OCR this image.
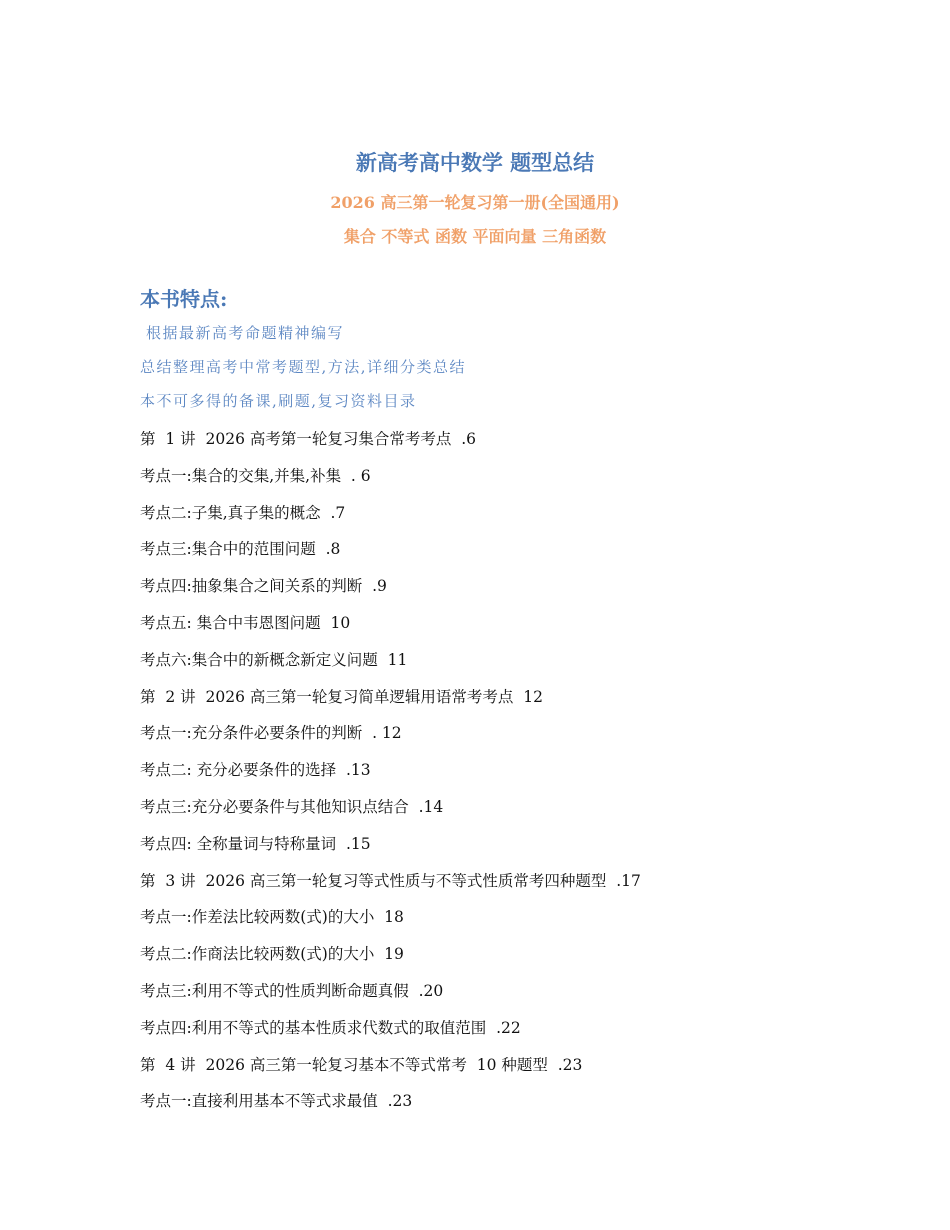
新高考高中数学 题型总结

2026 高三第一轮复习第一册(全国通用)

集合 不等式 函数 平面向量 三角函数

本书特点:
根据最新高考命题精神编写
总结整理高考中常考题型,方法,详细分类总结
本不可多得的备课,刷题,复习资料目录
第  1 讲  2026 高考第一轮复习集合常考考点  .6
考点一:集合的交集,并集,补集  . 6
考点二:子集,真子集的概念  .7
考点三:集合中的范围问题  .8
考点四:抽象集合之间关系的判断  .9
考点五: 集合中韦恩图问题  10
考点六:集合中的新概念新定义问题  11
第  2 讲  2026 高三第一轮复习简单逻辑用语常考考点  12
考点一:充分条件必要条件的判断  . 12
考点二: 充分必要条件的选择  .13
考点三:充分必要条件与其他知识点结合  .14
考点四: 全称量词与特称量词  .15
第  3 讲  2026 高三第一轮复习等式性质与不等式性质常考四种题型  .17
考点一:作差法比较两数(式)的大小  18
考点二:作商法比较两数(式)的大小  19
考点三:利用不等式的性质判断命题真假  .20
考点四:利用不等式的基本性质求代数式的取值范围  .22
第  4 讲  2026 高三第一轮复习基本不等式常考  10 种题型  .23
考点一:直接利用基本不等式求最值  .23
